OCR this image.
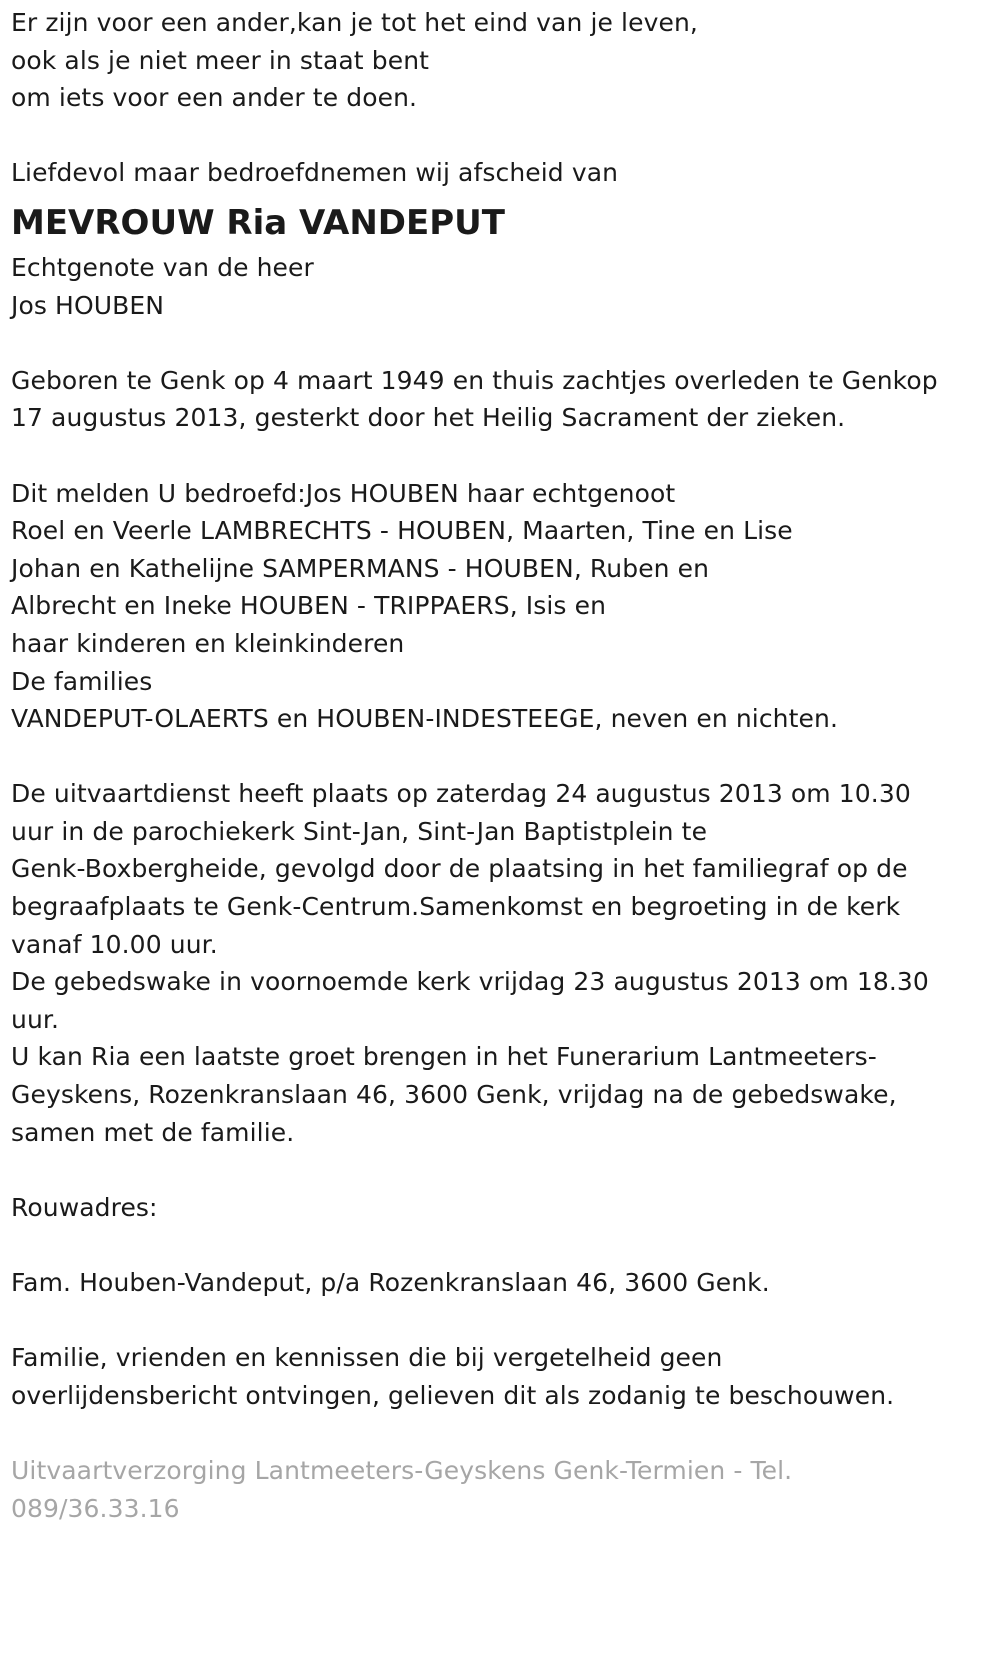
Er zijn voor een ander,kan je tot het eind van je leven,
ook als je niet meer in staat bent
om iets voor een ander te doen.
Liefdevol maar bedroefdnemen wij afscheid van
MEVROUW Ria VANDEPUT
Echtgenote van de heer
Jos HOUBEN
Geboren te Genk op 4 maart 1949 en thuis zachtjes overleden te Genkop
17 augustus 2013, gesterkt door het Heilig Sacrament der zieken.
Dit melden U bedroefd:Jos HOUBEN haar echtgenoot
Roel en Veerle LAMBRECHTS - HOUBEN, Maarten, Tine en Lise
Johan en Kathelijne SAMPERMANS - HOUBEN, Ruben en
Albrecht en Ineke HOUBEN - TRIPPAERS, Isis en
haar kinderen en kleinkinderen
De families
VANDEPUT-OLAERTS en HOUBEN-INDESTEEGE, neven en nichten.
De uitvaartdienst heeft plaats op zaterdag 24 augustus 2013 om 10.30
uur in de parochiekerk Sint-Jan, Sint-Jan Baptistplein te
Genk-Boxbergheide, gevolgd door de plaatsing in het familiegraf op de
begraafplaats te Genk-Centrum.Samenkomst en begroeting in de kerk
vanaf 10.00 uur.
De gebedswake in voornoemde kerk vrijdag 23 augustus 2013 om 18.30
uur.
U kan Ria een laatste groet brengen in het Funerarium Lantmeeters-
Geyskens, Rozenkranslaan 46, 3600 Genk, vrijdag na de gebedswake,
samen met de familie.
Rouwadres:
Fam. Houben-Vandeput, p/a Rozenkranslaan 46, 3600 Genk.
Familie, vrienden en kennissen die bij vergetelheid geen
overlijdensbericht ontvingen, gelieven dit als zodanig te beschouwen.
Uitvaartverzorging Lantmeeters-Geyskens Genk-Termien - Tel.
089/36.33.16
